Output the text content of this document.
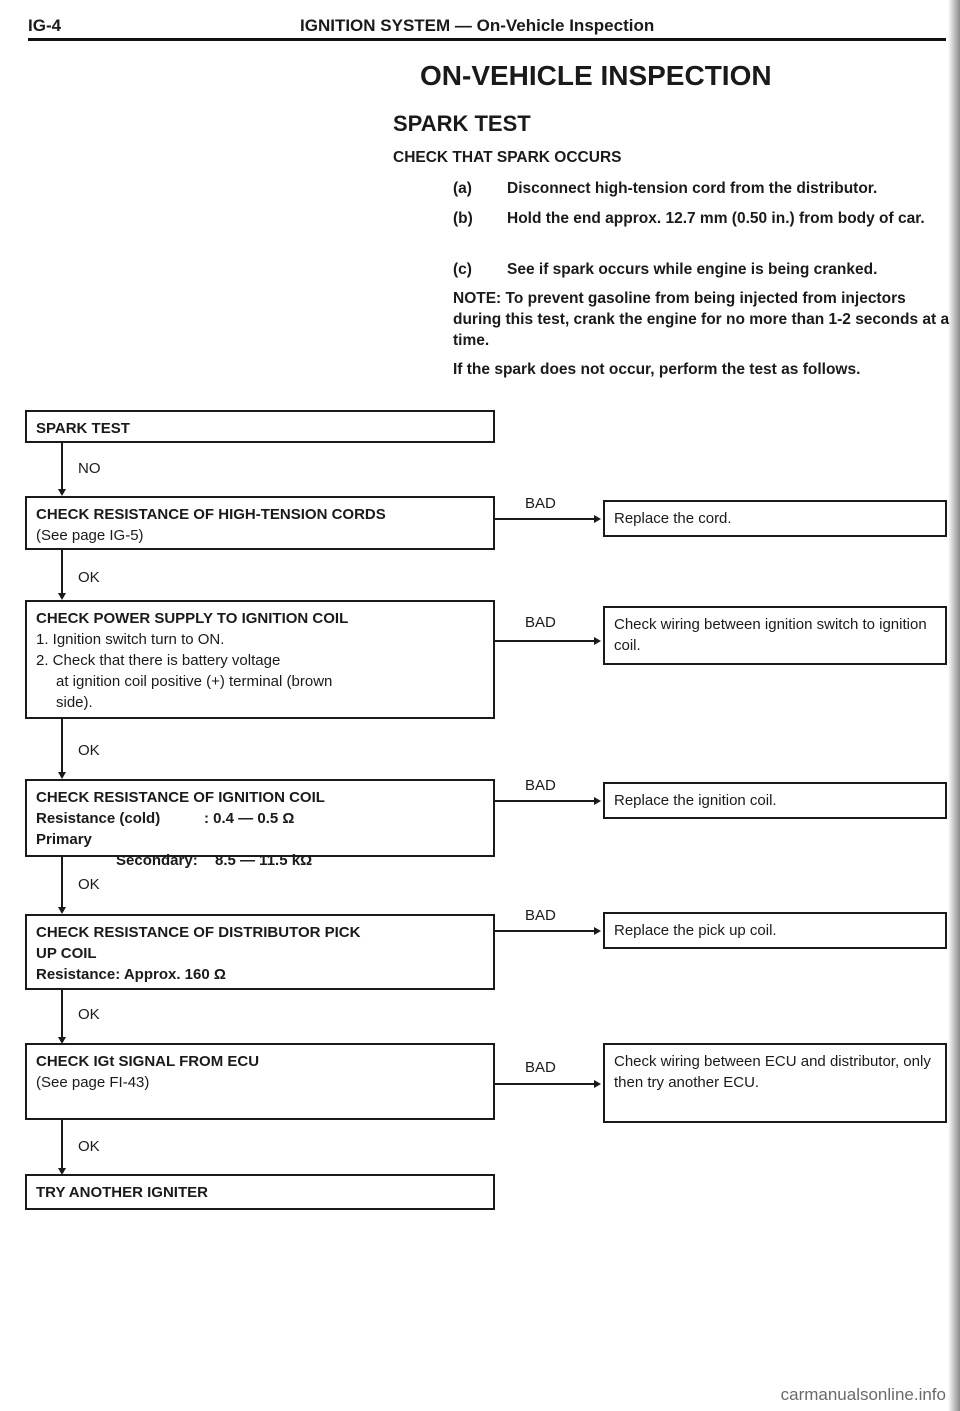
IG-4	IGNITION SYSTEM — On-Vehicle Inspection
ON-VEHICLE INSPECTION
SPARK TEST
CHECK THAT SPARK OCCURS
(a) Disconnect high-tension cord from the distributor.
(b) Hold the end approx. 12.7 mm (0.50 in.) from body of car.
(c) See if spark occurs while engine is being cranked.
NOTE: To prevent gasoline from being injected from injectors during this test, crank the engine for no more than 1-2 seconds at a time.
If the spark does not occur, perform the test as follows.
SPARK TEST
NO
CHECK RESISTANCE OF HIGH-TENSION CORDS
(See page IG-5)
BAD
Replace the cord.
OK
CHECK POWER SUPPLY TO IGNITION COIL
1. Ignition switch turn to ON.
2. Check that there is battery voltage
at ignition coil positive (+) terminal (brown
side).
BAD	Check wiring between ignition switch to ignition coil.
OK
CHECK RESISTANCE OF IGNITION COIL
Resistance (cold) Primary
: 0.4 — 0.5 Ω
Secondary:	8.5 — 11.5 kΩ
BAD
Replace the ignition coil.
OK
CHECK RESISTANCE OF DISTRIBUTOR PICK
UP COIL
Resistance: Approx. 160 Ω
BAD
Replace the pick up coil.
OK
CHECK IGt SIGNAL FROM ECU
(See page FI-43)
BAD	Check wiring between ECU and distributor, only then try another ECU.
OK
TRY ANOTHER IGNITER
carmanualsonline.info
